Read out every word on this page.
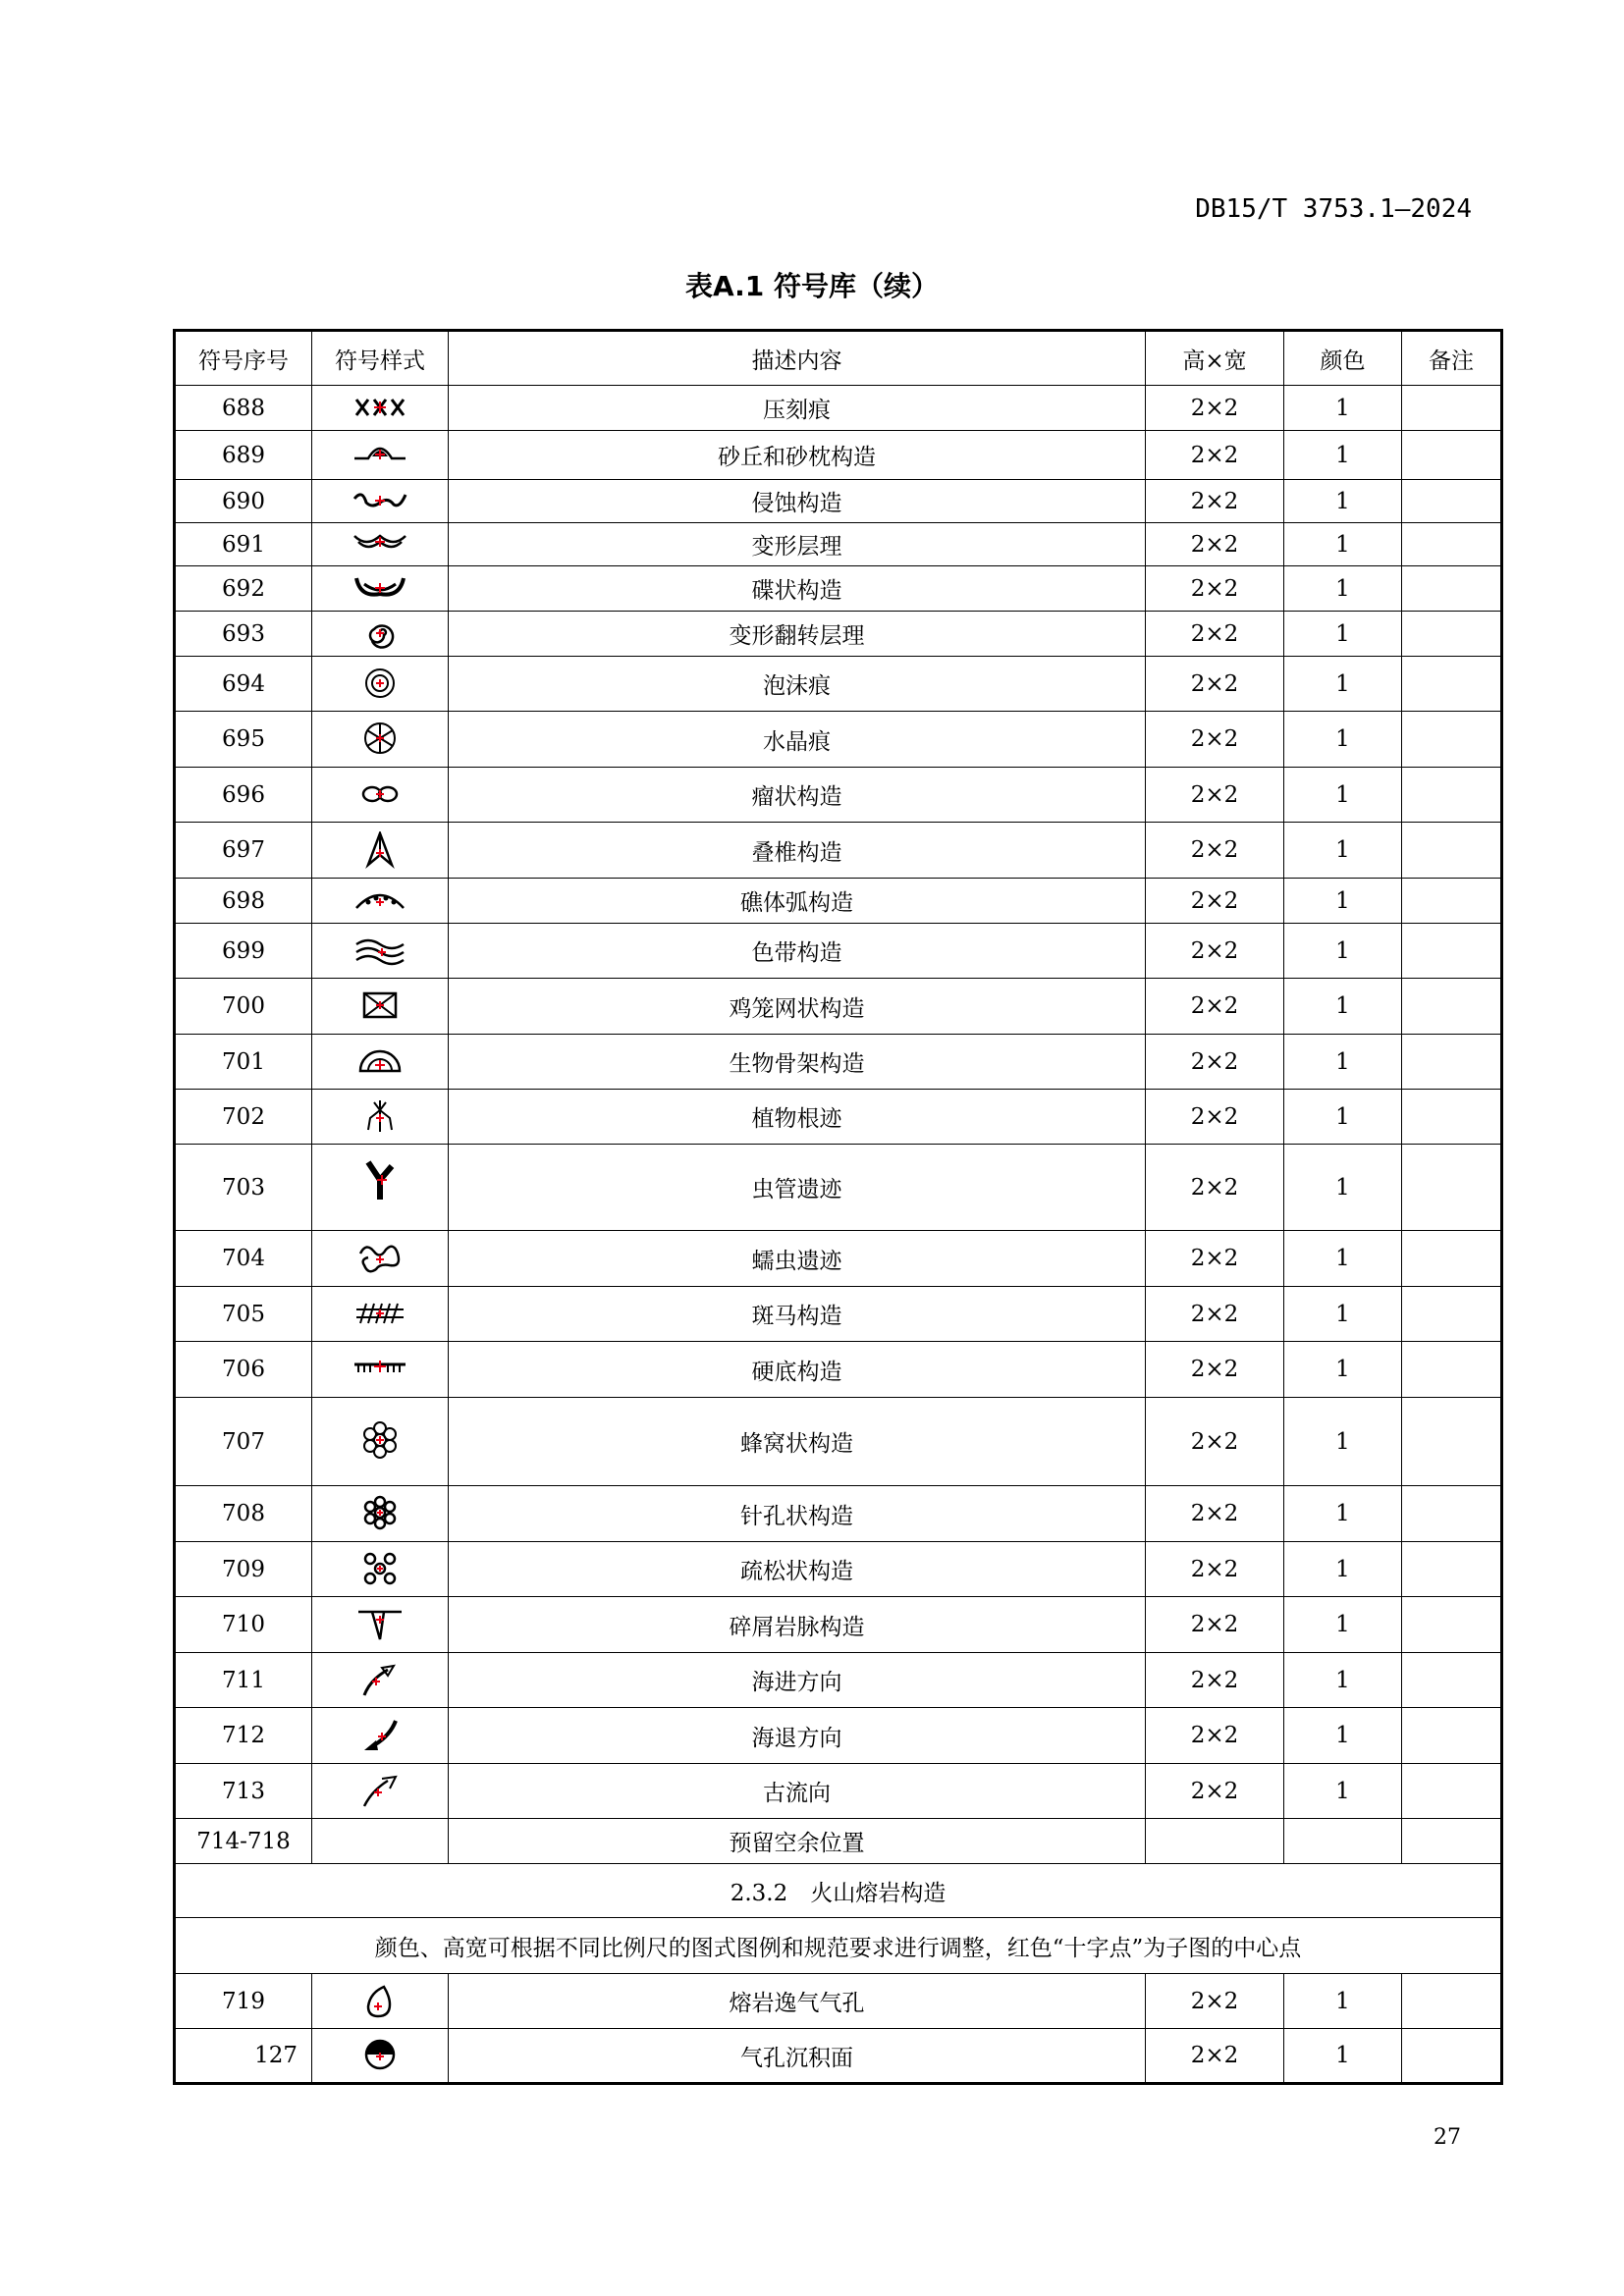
DB15/T 3753.1—2024
表A.1 符号库（续）
符号序号	符号样式	描述内容	高×宽	颜色	备注
688		压刻痕	2×2	1	
689		砂丘和砂枕构造	2×2	1	
690		侵蚀构造	2×2	1	
691		变形层理	2×2	1	
692		碟状构造	2×2	1	
693		变形翻转层理	2×2	1	
694		泡沫痕	2×2	1	
695		水晶痕	2×2	1	
696		瘤状构造	2×2	1	
697		叠椎构造	2×2	1	
698		礁体弧构造	2×2	1	
699		色带构造	2×2	1	
700		鸡笼网状构造	2×2	1	
701		生物骨架构造	2×2	1	
702		植物根迹	2×2	1	
703		虫管遗迹	2×2	1	
704		蠕虫遗迹	2×2	1	
705		斑马构造	2×2	1	
706		硬底构造	2×2	1	
707		蜂窝状构造	2×2	1	
708		针孔状构造	2×2	1	
709		疏松状构造	2×2	1	
710		碎屑岩脉构造	2×2	1	
711		海进方向	2×2	1	
712		海退方向	2×2	1	
713		古流向	2×2	1	
714-718		预留空余位置			
2.3.2　火山熔岩构造					
颜色、高宽可根据不同比例尺的图式图例和规范要求进行调整，红色“十字点”为子图的中心点					
719		熔岩逸气气孔	2×2	1	
127		气孔沉积面	2×2	1	
27
